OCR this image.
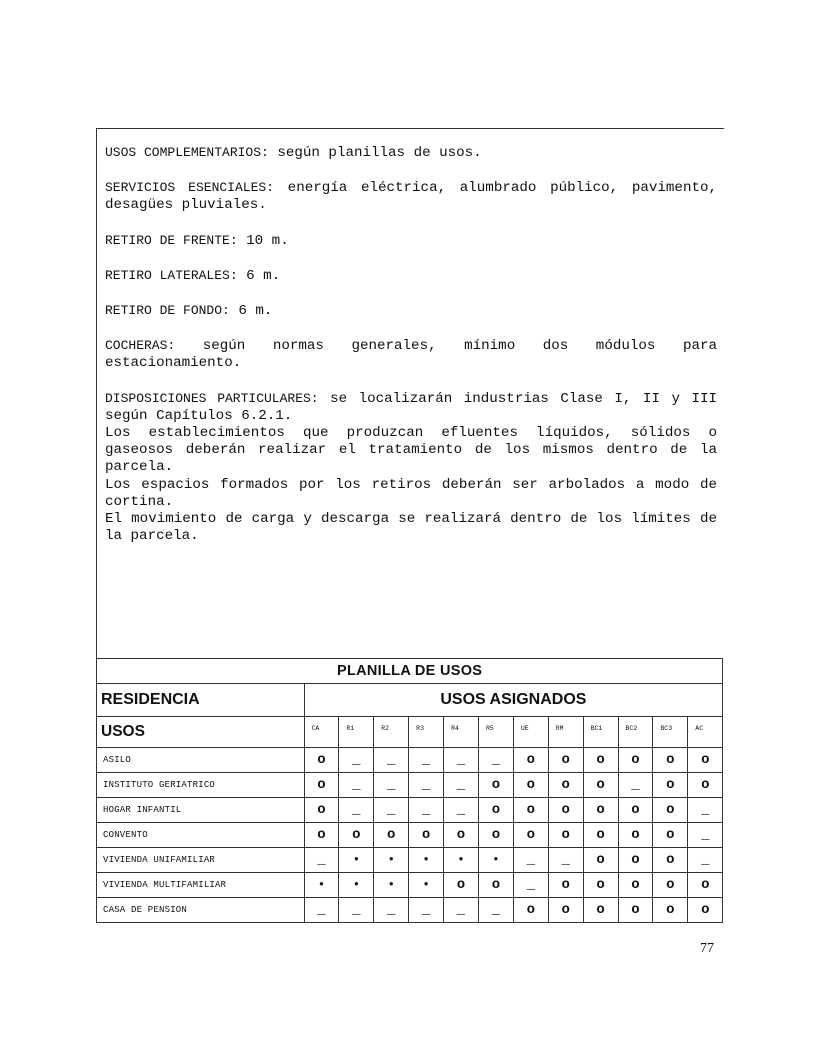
USOS COMPLEMENTARIOS: según planillas de usos.

SERVICIOS ESENCIALES: energía eléctrica, alumbrado público, pavimento, desagües pluviales.

RETIRO DE FRENTE: 10 m.

RETIRO LATERALES: 6 m.

RETIRO DE FONDO: 6 m.

COCHERAS: según normas generales, mínimo dos módulos para estacionamiento.

DISPOSICIONES PARTICULARES: se localizarán industrias Clase I, II y III según Capítulos 6.2.1.

Los establecimientos que produzcan efluentes líquidos, sólidos o gaseosos deberán realizar el tratamiento de los mismos dentro de la parcela.

Los espacios formados por los retiros deberán ser arbolados a modo de cortina.

El movimiento de carga y descarga se realizará dentro de los límites de la parcela.

PLANILLA DE USOS												
RESIDENCIA	USOS ASIGNADOS											
USOS	CA	R1	R2	R3	R4	R5	UE	RM	BC1	BC2	BC3	AC
ASILO	o	_	_	_	_	_	o	o	o	o	o	o
INSTITUTO GERIATRICO	o	_	_	_	_	o	o	o	o	_	o	o
HOGAR INFANTIL	o	_	_	_	_	o	o	o	o	o	o	_
CONVENTO	o	o	o	o	o	o	o	o	o	o	o	_
VIVIENDA UNIFAMILIAR	_	•	•	•	•	•	_	_	o	o	o	_
VIVIENDA MULTIFAMILIAR	•	•	•	•	o	o	_	o	o	o	o	o
CASA DE PENSION	_	_	_	_	_	_	o	o	o	o	o	o
77
